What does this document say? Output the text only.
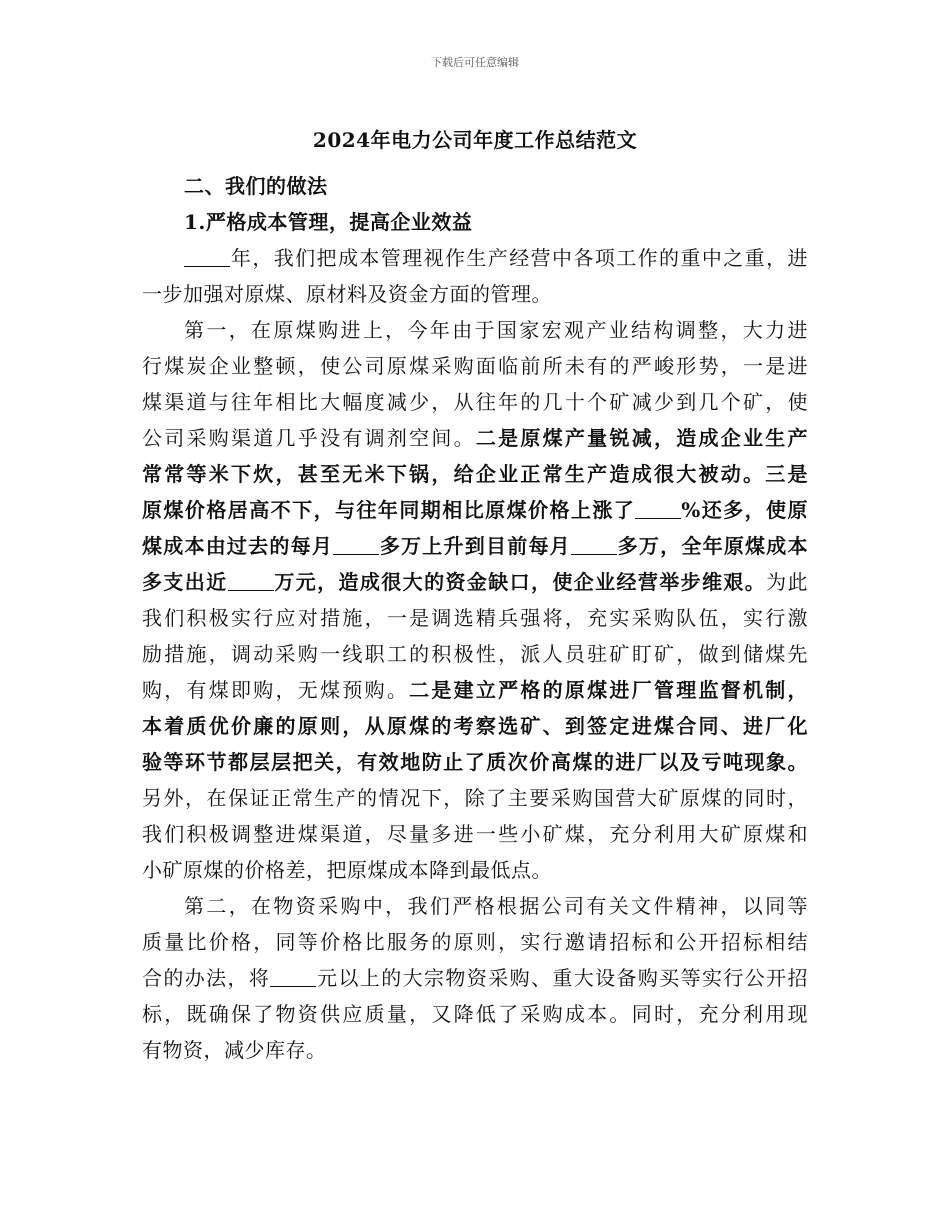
下载后可任意编辑
2024年电力公司年度工作总结范文
二、我们的做法
1.严格成本管理，提高企业效益
年，我们把成本管理视作生产经营中各项工作的重中之重，进
一步加强对原煤、原材料及资金方面的管理。
第一，在原煤购进上，今年由于国家宏观产业结构调整，大力进
行煤炭企业整顿，使公司原煤采购面临前所未有的严峻形势，一是进
煤渠道与往年相比大幅度减少，从往年的几十个矿减少到几个矿，使
公司采购渠道几乎没有调剂空间。二是原煤产量锐减，造成企业生产
常常等米下炊，甚至无米下锅，给企业正常生产造成很大被动。三是
原煤价格居高不下，与往年同期相比原煤价格上涨了 %还多，使原
煤成本由过去的每月 多万上升到目前每月 多万，全年原煤成本
多支出近 万元，造成很大的资金缺口，使企业经营举步维艰。为此
我们积极实行应对措施，一是调选精兵强将，充实采购队伍，实行激
励措施，调动采购一线职工的积极性，派人员驻矿盯矿，做到储煤先
购，有煤即购，无煤预购。二是建立严格的原煤进厂管理监督机制，
本着质优价廉的原则，从原煤的考察选矿、到签定进煤合同、进厂化
验等环节都层层把关，有效地防止了质次价高煤的进厂以及亏吨现象。
另外，在保证正常生产的情况下，除了主要采购国营大矿原煤的同时，
我们积极调整进煤渠道，尽量多进一些小矿煤，充分利用大矿原煤和
小矿原煤的价格差，把原煤成本降到最低点。
第二，在物资采购中，我们严格根据公司有关文件精神，以同等
质量比价格，同等价格比服务的原则，实行邀请招标和公开招标相结
合的办法，将 元以上的大宗物资采购、重大设备购买等实行公开招
标，既确保了物资供应质量，又降低了采购成本。同时，充分利用现
有物资，减少库存。
